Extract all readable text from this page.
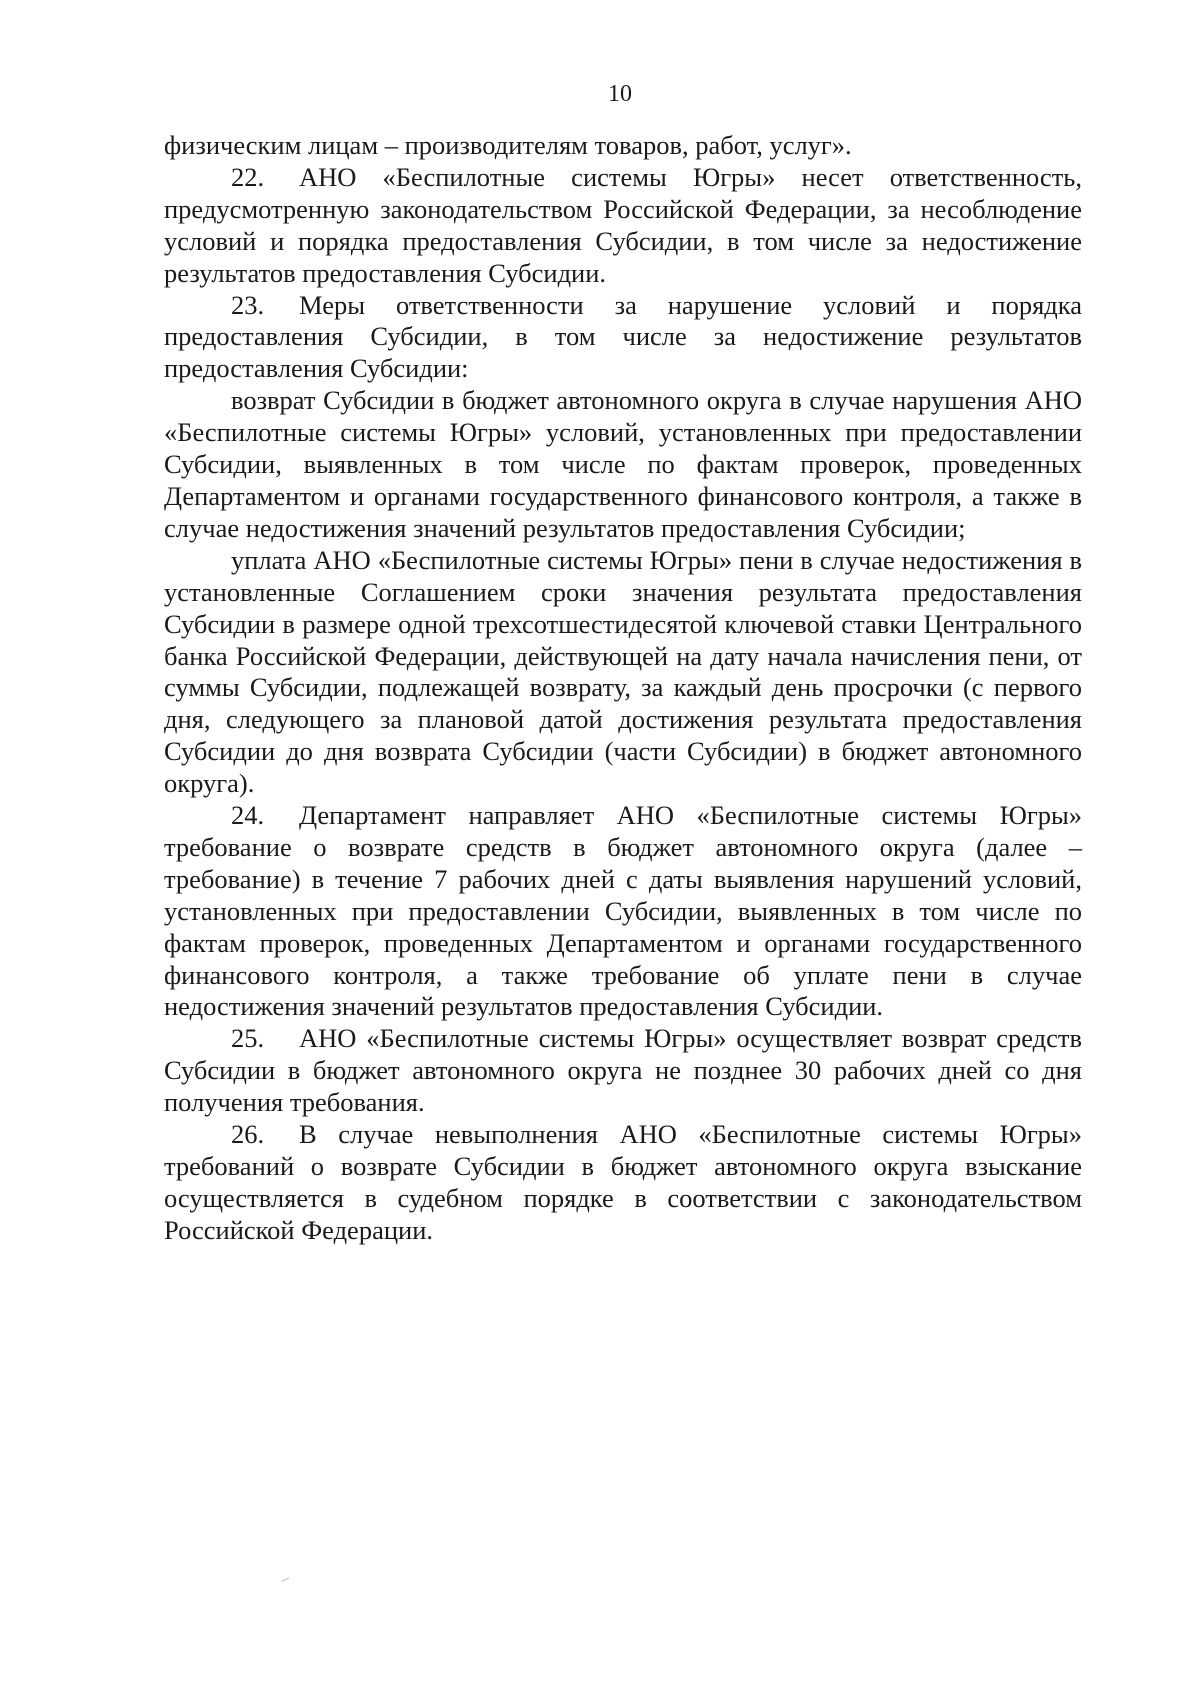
10

физическим лицам – производителям товаров, работ, услуг».

22. АНО «Беспилотные системы Югры» несет ответственность, предусмотренную законодательством Российской Федерации, за несоблюдение условий и порядка предоставления Субсидии, в том числе за недостижение результатов предоставления Субсидии.

23. Меры ответственности за нарушение условий и порядка предоставления Субсидии, в том числе за недостижение результатов предоставления Субсидии:

возврат Субсидии в бюджет автономного округа в случае нарушения АНО «Беспилотные системы Югры» условий, установленных при предоставлении Субсидии, выявленных в том числе по фактам проверок, проведенных Департаментом и органами государственного финансового контроля, а также в случае недостижения значений результатов предоставления Субсидии;

уплата АНО «Беспилотные системы Югры» пени в случае недостижения в установленные Соглашением сроки значения результата предоставления Субсидии в размере одной трехсотшестидесятой ключевой ставки Центрального банка Российской Федерации, действующей на дату начала начисления пени, от суммы Субсидии, подлежащей возврату, за каждый день просрочки (с первого дня, следующего за плановой датой достижения результата предоставления Субсидии до дня возврата Субсидии (части Субсидии) в бюджет автономного округа).

24. Департамент направляет АНО «Беспилотные системы Югры» требование о возврате средств в бюджет автономного округа (далее – требование) в течение 7 рабочих дней с даты выявления нарушений условий, установленных при предоставлении Субсидии, выявленных в том числе по фактам проверок, проведенных Департаментом и органами государственного финансового контроля, а также требование об уплате пени в случае недостижения значений результатов предоставления Субсидии.

25. АНО «Беспилотные системы Югры» осуществляет возврат средств Субсидии в бюджет автономного округа не позднее 30 рабочих дней со дня получения требования.

26. В случае невыполнения АНО «Беспилотные системы Югры» требований о возврате Субсидии в бюджет автономного округа взыскание осуществляется в судебном порядке в соответствии с законодательством Российской Федерации.
